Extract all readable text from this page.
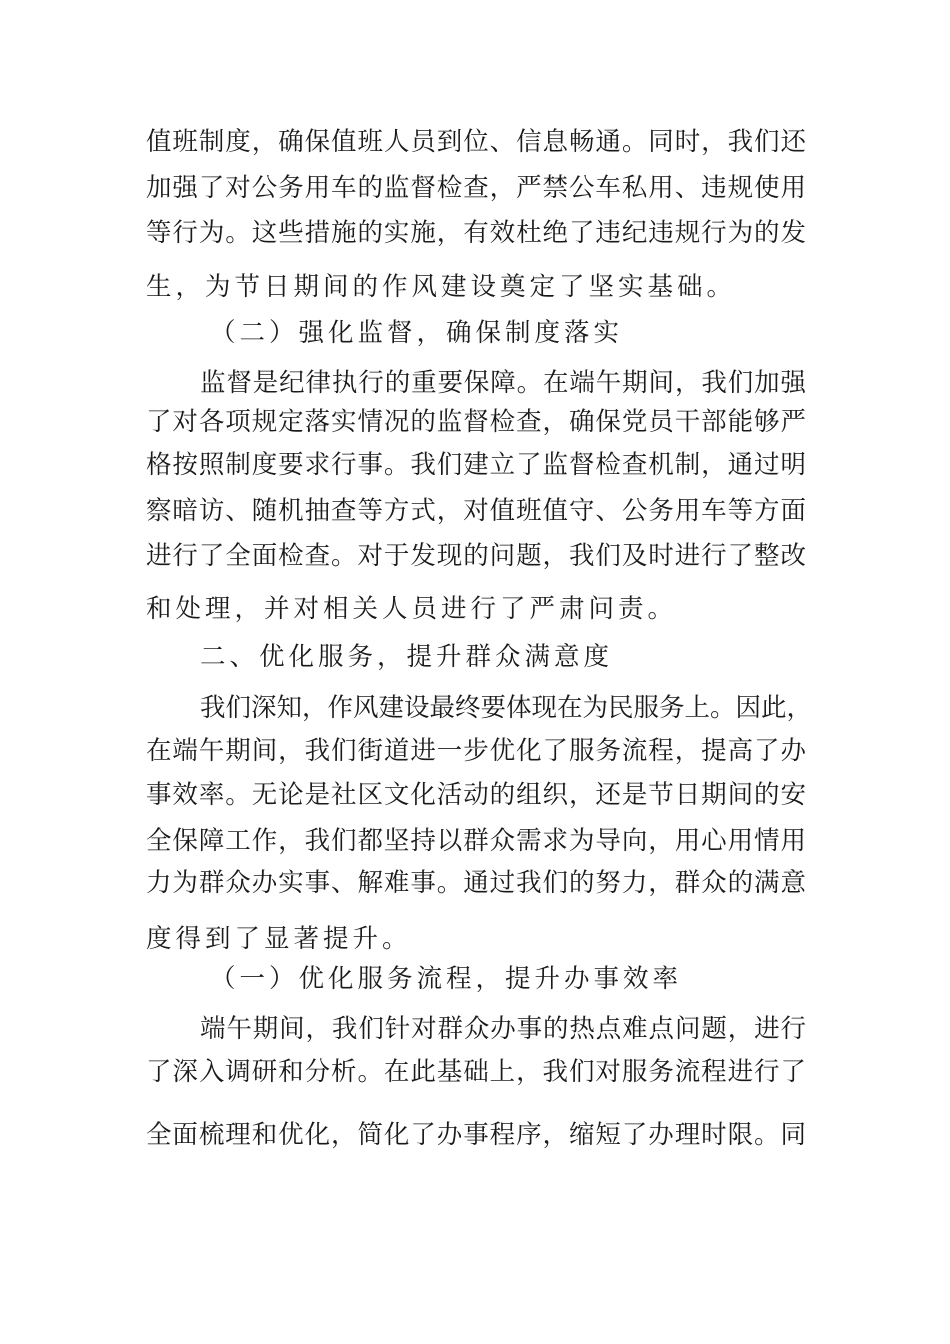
值班制度，确保值班人员到位、信息畅通。同时，我们还

加强了对公务用车的监督检查，严禁公车私用、违规使用

等行为。这些措施的实施，有效杜绝了违纪违规行为的发

生，为节日期间的作风建设奠定了坚实基础。

（二）强化监督，确保制度落实

监督是纪律执行的重要保障。在端午期间，我们加强

了对各项规定落实情况的监督检查，确保党员干部能够严

格按照制度要求行事。我们建立了监督检查机制，通过明

察暗访、随机抽查等方式，对值班值守、公务用车等方面

进行了全面检查。对于发现的问题，我们及时进行了整改

和处理，并对相关人员进行了严肃问责。

二、优化服务，提升群众满意度

我们深知，作风建设最终要体现在为民服务上。因此，

在端午期间，我们街道进一步优化了服务流程，提高了办

事效率。无论是社区文化活动的组织，还是节日期间的安

全保障工作，我们都坚持以群众需求为导向，用心用情用

力为群众办实事、解难事。通过我们的努力，群众的满意

度得到了显著提升。

（一）优化服务流程，提升办事效率

端午期间，我们针对群众办事的热点难点问题，进行

了深入调研和分析。在此基础上，我们对服务流程进行了

全面梳理和优化，简化了办事程序，缩短了办理时限。同
